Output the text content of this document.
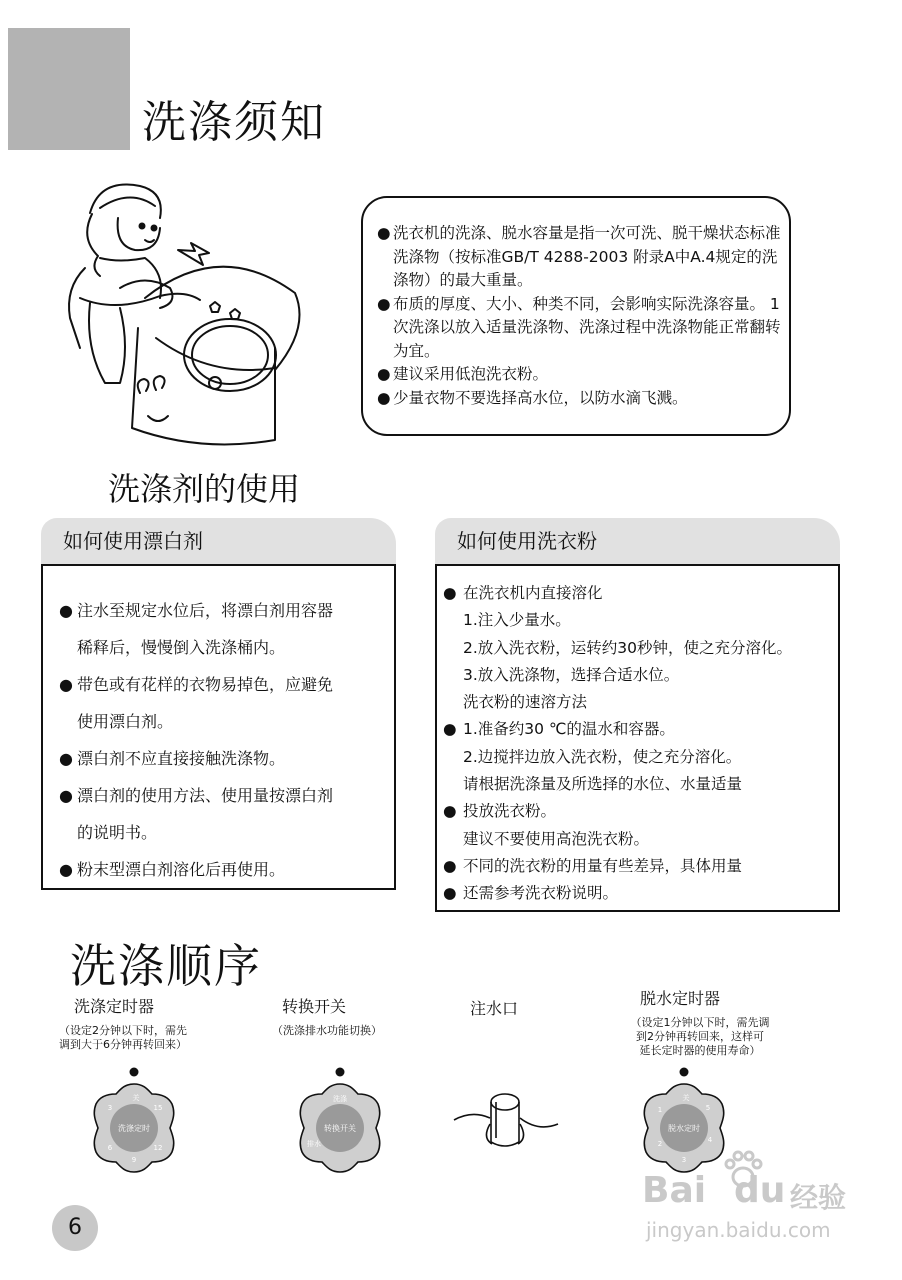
洗涤须知
● 洗衣机的洗涤、脱水容量是指一次可洗、脱干燥状态标准洗涤物（按标准GB/T 4288-2003 附录A中A.4规定的洗涤物）的最大重量。
● 布质的厚度、大小、种类不同，会影响实际洗涤容量。 1次洗涤以放入适量洗涤物、洗涤过程中洗涤物能正常翻转为宜。
● 建议采用低泡洗衣粉。
● 少量衣物不要选择高水位，以防水滴飞溅。
洗涤剂的使用
如何使用漂白剂
● 注水至规定水位后，将漂白剂用容器
稀释后，慢慢倒入洗涤桶内。
● 带色或有花样的衣物易掉色，应避免
使用漂白剂。
● 漂白剂不应直接接触洗涤物。
● 漂白剂的使用方法、使用量按漂白剂
的说明书。
● 粉末型漂白剂溶化后再使用。
如何使用洗衣粉
● 在洗衣机内直接溶化
1.注入少量水。
2.放入洗衣粉，运转约30秒钟，使之充分溶化。
3.放入洗涤物，选择合适水位。
洗衣粉的速溶方法
● 1.准备约30 ℃的温水和容器。
2.边搅拌边放入洗衣粉，使之充分溶化。
请根据洗涤量及所选择的水位、水量适量
● 投放洗衣粉。
建议不要使用高泡洗衣粉。
● 不同的洗衣粉的用量有些差异，具体用量
● 还需参考洗衣粉说明。
洗涤顺序
洗涤定时器
（设定2分钟以下时，需先
调到大于6分钟再转回来）
转换开关
（洗涤排水功能切换）
注水口
脱水定时器
（设定1分钟以下时，需先调
到2分钟再转回来，这样可
延长定时器的使用寿命）
洗涤定时
关
15
12
9
6
3
转换开关
洗涤
排水
脱水定时
关
5
4
3
2
1
6
Bai du 经验
jingyan.baidu.com
